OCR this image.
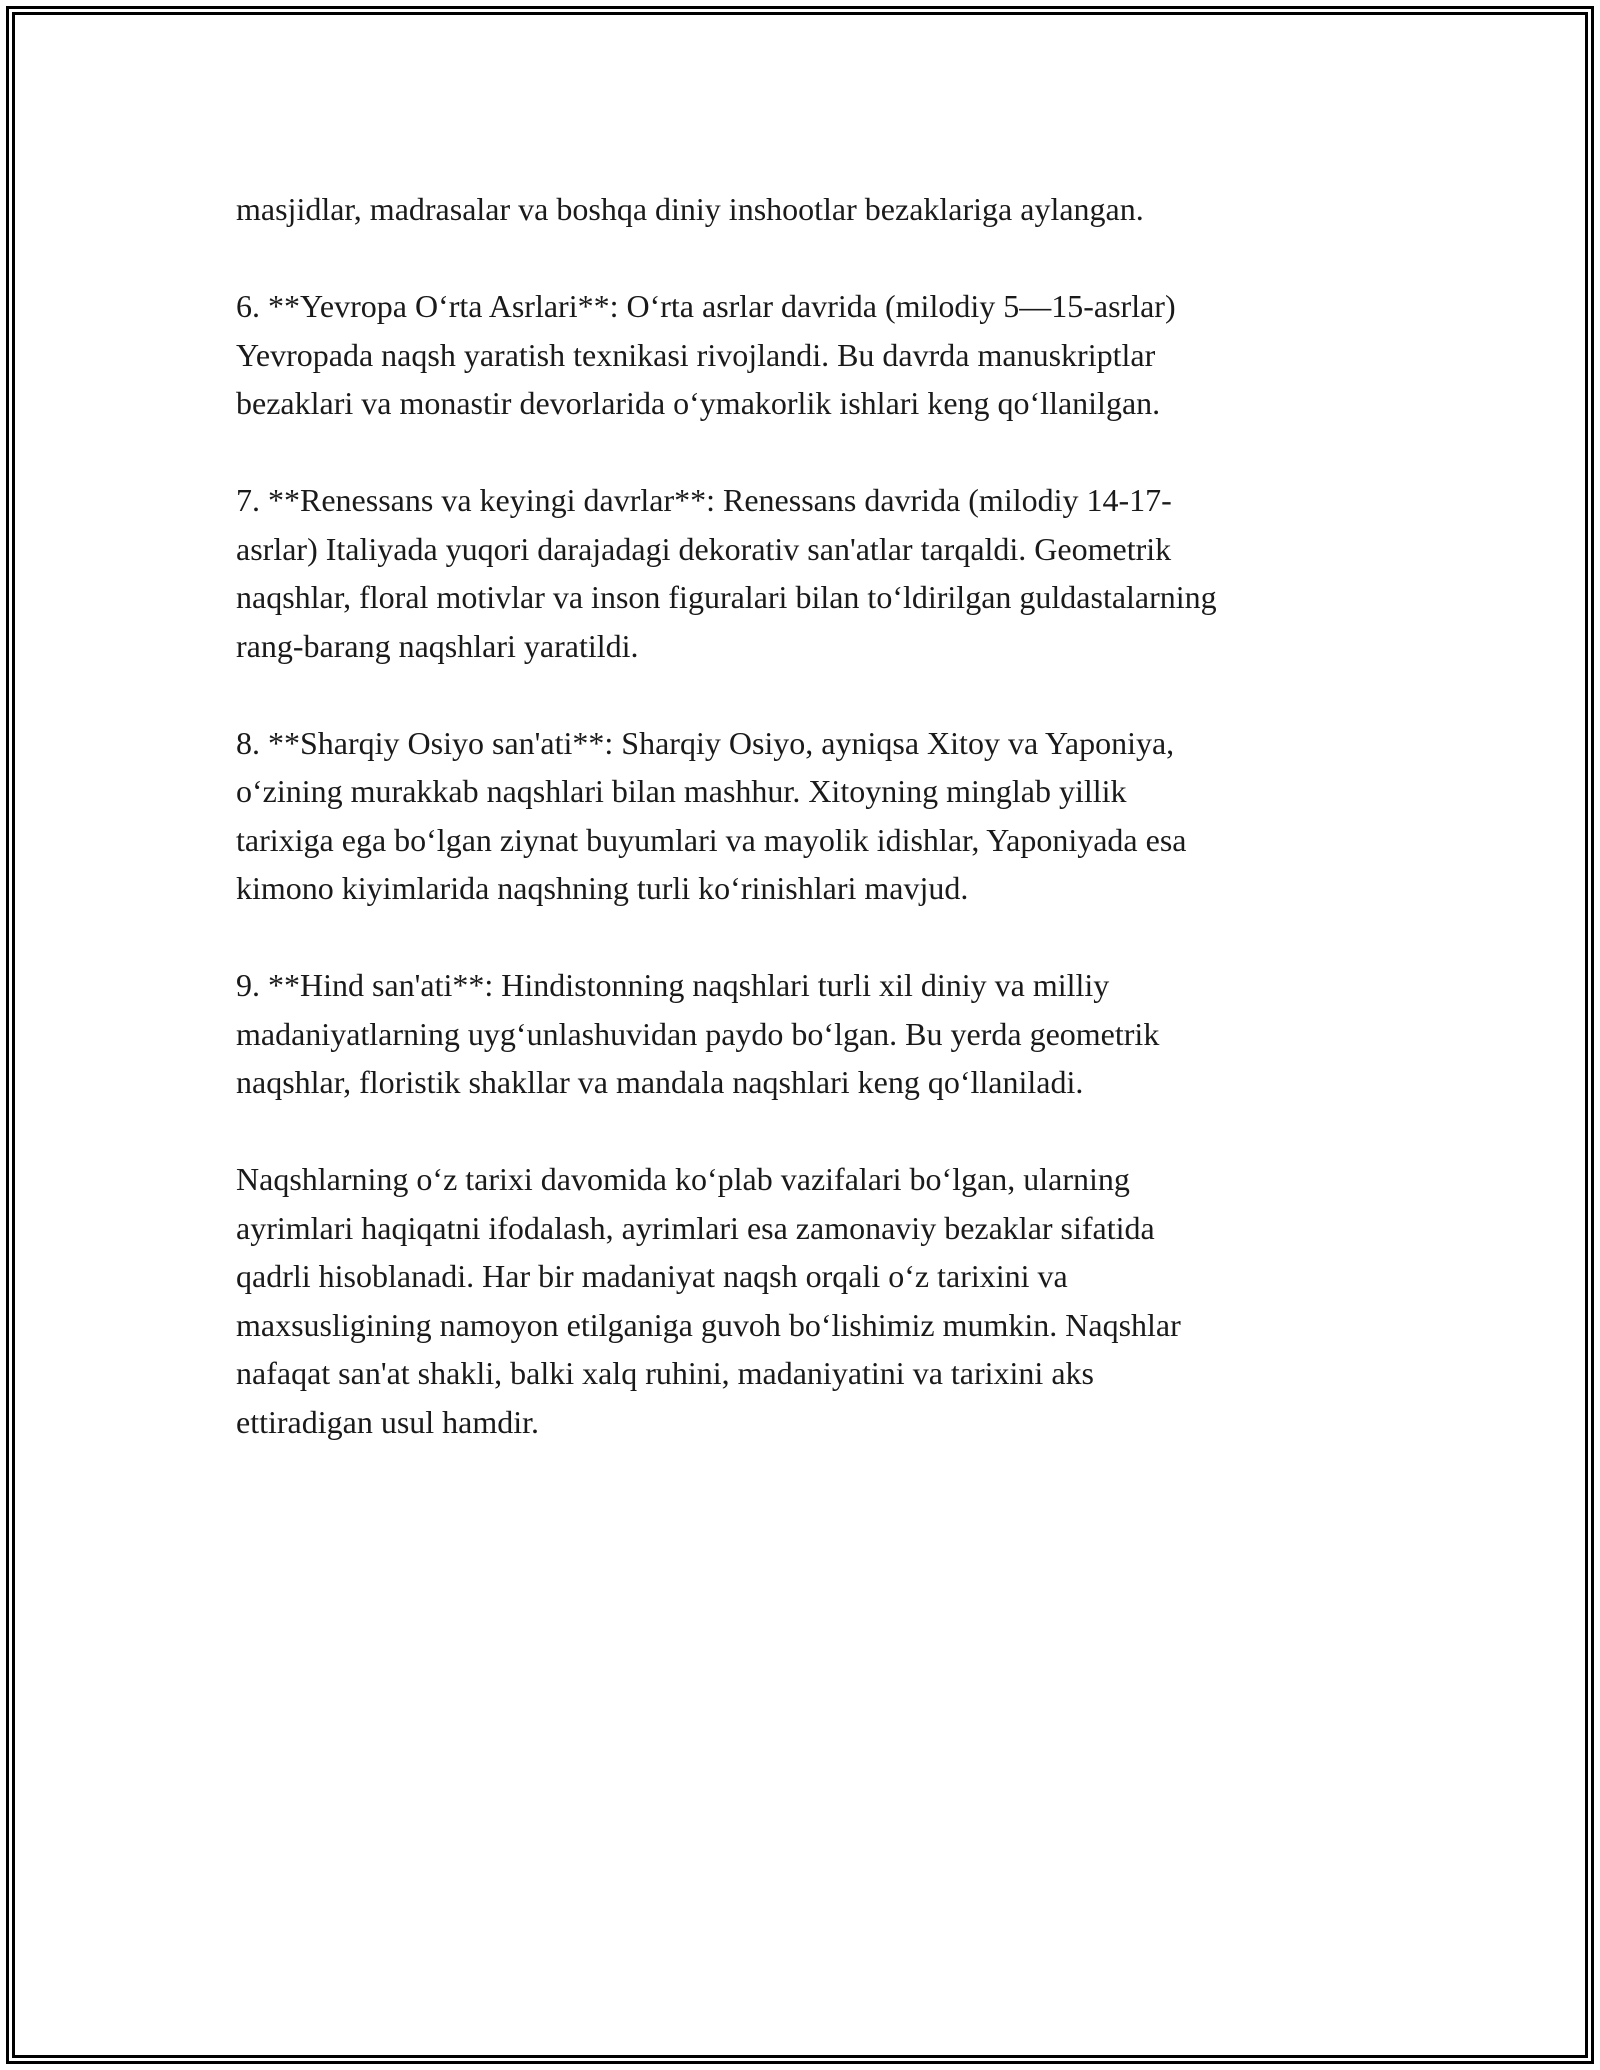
masjidlar, madrasalar va boshqa diniy inshootlar bezaklariga aylangan.

6. **Yevropa O‘rta Asrlari**: O‘rta asrlar davrida (milodiy 5—15-asrlar)
Yevropada naqsh yaratish texnikasi rivojlandi. Bu davrda manuskriptlar
bezaklari va monastir devorlarida o‘ymakorlik ishlari keng qo‘llanilgan.

7. **Renessans va keyingi davrlar**: Renessans davrida (milodiy 14-17-
asrlar) Italiyada yuqori darajadagi dekorativ san'atlar tarqaldi. Geometrik
naqshlar, floral motivlar va inson figuralari bilan to‘ldirilgan guldastalarning
rang-barang naqshlari yaratildi.

8. **Sharqiy Osiyo san'ati**: Sharqiy Osiyo, ayniqsa Xitoy va Yaponiya,
o‘zining murakkab naqshlari bilan mashhur. Xitoyning minglab yillik
tarixiga ega bo‘lgan ziynat buyumlari va mayolik idishlar, Yaponiyada esa
kimono kiyimlarida naqshning turli ko‘rinishlari mavjud.

9. **Hind san'ati**: Hindistonning naqshlari turli xil diniy va milliy
madaniyatlarning uyg‘unlashuvidan paydo bo‘lgan. Bu yerda geometrik
naqshlar, floristik shakllar va mandala naqshlari keng qo‘llaniladi.

Naqshlarning o‘z tarixi davomida ko‘plab vazifalari bo‘lgan, ularning
ayrimlari haqiqatni ifodalash, ayrimlari esa zamonaviy bezaklar sifatida
qadrli hisoblanadi. Har bir madaniyat naqsh orqali o‘z tarixini va
maxsusligining namoyon etilganiga guvoh bo‘lishimiz mumkin. Naqshlar
nafaqat san'at shakli, balki xalq ruhini, madaniyatini va tarixini aks
ettiradigan usul hamdir.
